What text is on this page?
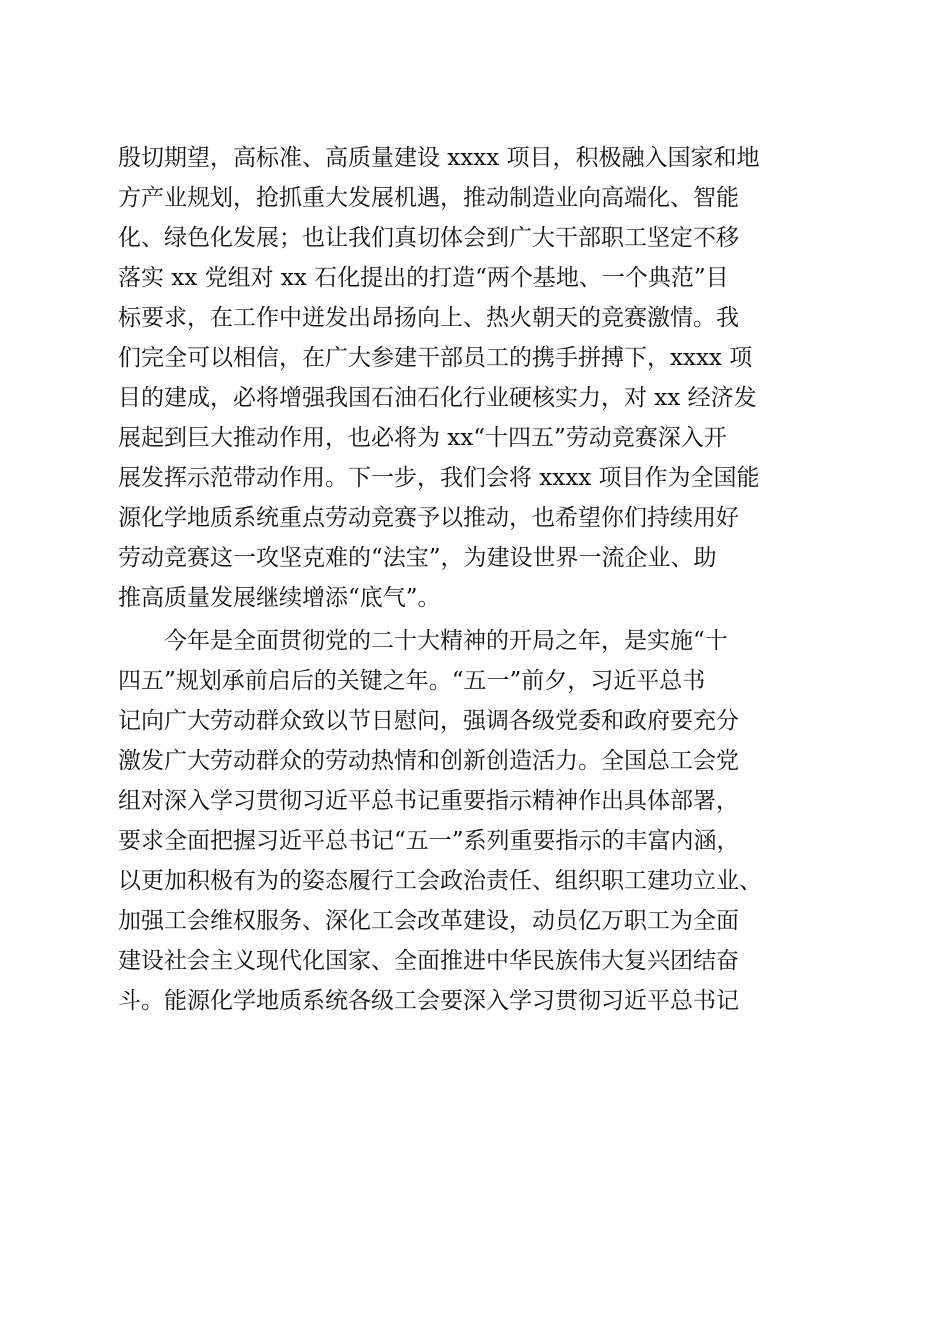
殷切期望，高标准、高质量建设 xxxx 项目，积极融入国家和地
方产业规划，抢抓重大发展机遇，推动制造业向高端化、智能
化、绿色化发展；也让我们真切体会到广大干部职工坚定不移
落实 xx 党组对 xx 石化提出的打造“两个基地、一个典范”目
标要求，在工作中迸发出昂扬向上、热火朝天的竞赛激情。我
们完全可以相信，在广大参建干部员工的携手拼搏下，xxxx 项
目的建成，必将增强我国石油石化行业硬核实力，对 xx 经济发
展起到巨大推动作用，也必将为 xx“十四五”劳动竞赛深入开
展发挥示范带动作用。下一步，我们会将 xxxx 项目作为全国能
源化学地质系统重点劳动竞赛予以推动，也希望你们持续用好
劳动竞赛这一攻坚克难的“法宝”，为建设世界一流企业、助
推高质量发展继续增添“底气”。
今年是全面贯彻党的二十大精神的开局之年，是实施“十
四五”规划承前启后的关键之年。“五一”前夕，习近平总书
记向广大劳动群众致以节日慰问，强调各级党委和政府要充分
激发广大劳动群众的劳动热情和创新创造活力。全国总工会党
组对深入学习贯彻习近平总书记重要指示精神作出具体部署，
要求全面把握习近平总书记“五一”系列重要指示的丰富内涵，
以更加积极有为的姿态履行工会政治责任、组织职工建功立业、
加强工会维权服务、深化工会改革建设，动员亿万职工为全面
建设社会主义现代化国家、全面推进中华民族伟大复兴团结奋
斗。能源化学地质系统各级工会要深入学习贯彻习近平总书记
